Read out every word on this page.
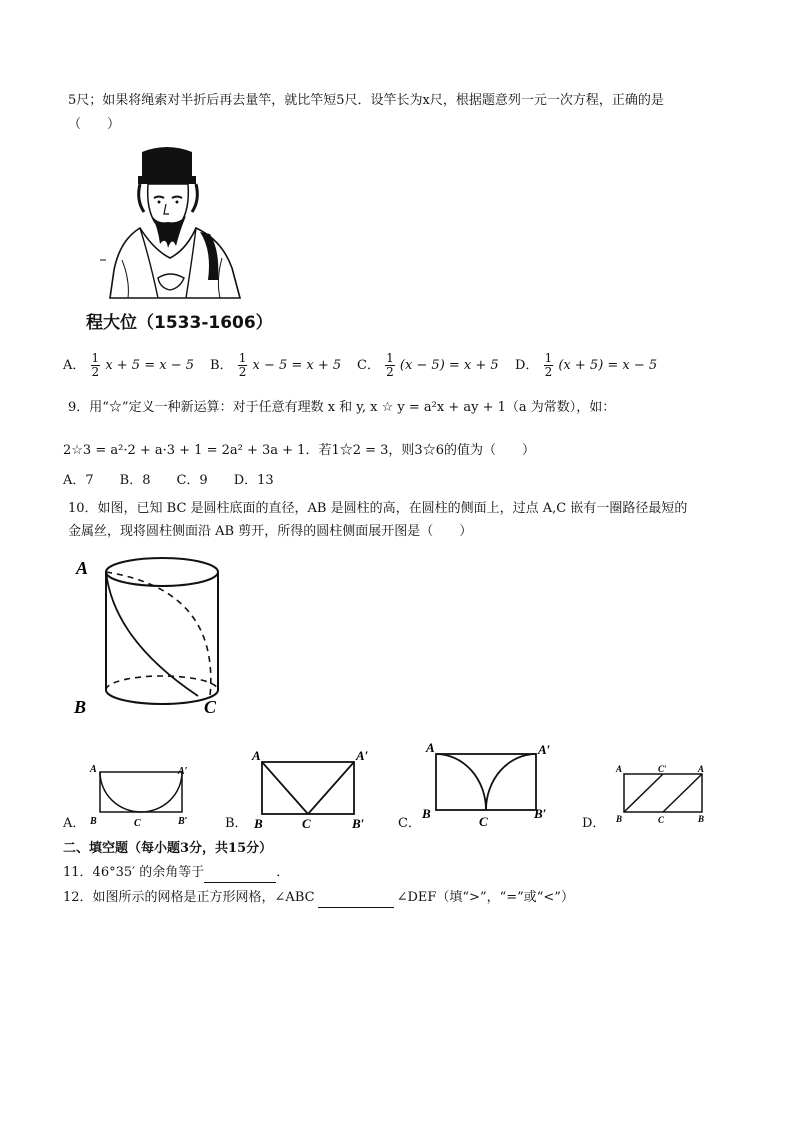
5尺；如果将绳索对半折后再去量竿，就比竿短5尺．设竿长为x尺，根据题意列一元一次方程，正确的是
（　　）
程大位（1533-1606）
A． $\frac{1}{2}$ x + 5 = x − 5 B． $\frac{1}{2}$ x − 5 = x + 5 C． $\frac{1}{2} (x - 5) = x + 5$ D． $\frac{1}{2} (x + 5) = x - 5$
9．用“☆”定义一种新运算：对于任意有理数 x 和 y, x ☆ y = a²x + ay + 1（a 为常数），如：
2☆3 = a²·2 + a·3 + 1 = 2a² + 3a + 1．若1☆2 = 3，则3☆6的值为（　　）
A．7　　B．8　　C．9　　D．13
10．如图，已知 BC 是圆柱底面的直径，AB 是圆柱的高，在圆柱的侧面上，过点 A,C 嵌有一圈路径最短的
金属丝，现将圆柱侧面沿 AB 剪开，所得的圆柱侧面展开图是（　　）
A
B	C
A．
A	A′
B	C	B′	B．
A	A′
B	C	B′	C．
A	A′
B
C
B′
D．
A	C′	A
B	C	B
二、填空题（每小题3分，共15分）
11．46°35′ 的余角等于	．
12．如图所示的网格是正方形网格，∠ABC	∠DEF（填“>”，“=”或“<”）
